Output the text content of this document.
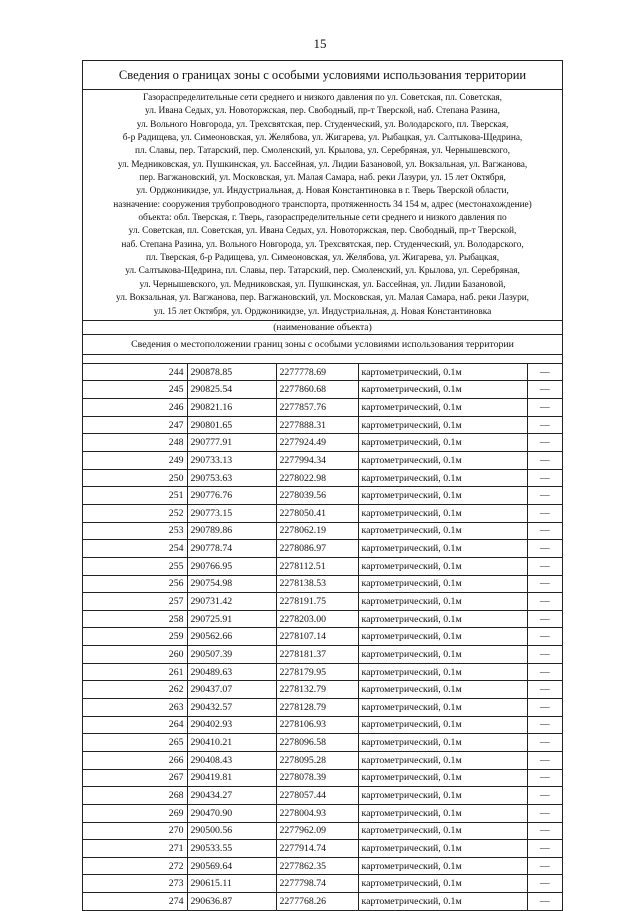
15
Сведения о границах зоны с особыми условиями использования территории
Газораспределительные сети среднего и низкого давления по ул. Советская, пл. Советская,
ул. Ивана Седых, ул. Новоторжская, пер. Свободный, пр-т Тверской, наб. Степана Разина,
ул. Вольного Новгорода, ул. Трехсвятская, пер. Студенческий, ул. Володарского, пл. Тверская,
б-р Радищева, ул. Симеоновская, ул. Желябова, ул. Жигарева, ул. Рыбацкая, ул. Салтыкова-Щедрина,
пл. Славы, пер. Татарский, пер. Смоленский, ул. Крылова, ул. Серебряная, ул. Чернышевского,
ул. Медниковская, ул. Пушкинская, ул. Бассейная, ул. Лидии Базановой, ул. Вокзальная, ул. Вагжанова,
пер. Вагжановский, ул. Московская, ул. Малая Самара, наб. реки Лазури, ул. 15 лет Октября,
ул. Орджоникидзе, ул. Индустриальная, д. Новая Константиновка в г. Тверь Тверской области,
назначение: сооружения трубопроводного транспорта, протяженность 34 154 м, адрес (местонахождение)
объекта: обл. Тверская, г. Тверь, газораспределительные сети среднего и низкого давления по
ул. Советская, пл. Советская, ул. Ивана Седых, ул. Новоторжская, пер. Свободный, пр-т Тверской,
наб. Степана Разина, ул. Вольного Новгорода, ул. Трехсвятская, пер. Студенческий, ул. Володарского,
пл. Тверская, б-р Радищева, ул. Симеоновская, ул. Желябова, ул. Жигарева, ул. Рыбацкая,
ул. Салтыкова-Щедрина, пл. Славы, пер. Татарский, пер. Смоленский, ул. Крылова, ул. Серебряная,
ул. Чернышевского, ул. Медниковская, ул. Пушкинская, ул. Бассейная, ул. Лидии Базановой,
ул. Вокзальная, ул. Вагжанова, пер. Вагжановский, ул. Московская, ул. Малая Самара, наб. реки Лазури,
ул. 15 лет Октября, ул. Орджоникидзе, ул. Индустриальная, д. Новая Константиновка
(наименование объекта)
Сведения о местоположении границ зоны с особыми условиями использования территории
244	290878.85	2277778.69	картометрический, 0.1м	—
245	290825.54	2277860.68	картометрический, 0.1м	—
246	290821.16	2277857.76	картометрический, 0.1м	—
247	290801.65	2277888.31	картометрический, 0.1м	—
248	290777.91	2277924.49	картометрический, 0.1м	—
249	290733.13	2277994.34	картометрический, 0.1м	—
250	290753.63	2278022.98	картометрический, 0.1м	—
251	290776.76	2278039.56	картометрический, 0.1м	—
252	290773.15	2278050.41	картометрический, 0.1м	—
253	290789.86	2278062.19	картометрический, 0.1м	—
254	290778.74	2278086.97	картометрический, 0.1м	—
255	290766.95	2278112.51	картометрический, 0.1м	—
256	290754.98	2278138.53	картометрический, 0.1м	—
257	290731.42	2278191.75	картометрический, 0.1м	—
258	290725.91	2278203.00	картометрический, 0.1м	—
259	290562.66	2278107.14	картометрический, 0.1м	—
260	290507.39	2278181.37	картометрический, 0.1м	—
261	290489.63	2278179.95	картометрический, 0.1м	—
262	290437.07	2278132.79	картометрический, 0.1м	—
263	290432.57	2278128.79	картометрический, 0.1м	—
264	290402.93	2278106.93	картометрический, 0.1м	—
265	290410.21	2278096.58	картометрический, 0.1м	—
266	290408.43	2278095.28	картометрический, 0.1м	—
267	290419.81	2278078.39	картометрический, 0.1м	—
268	290434.27	2278057.44	картометрический, 0.1м	—
269	290470.90	2278004.93	картометрический, 0.1м	—
270	290500.56	2277962.09	картометрический, 0.1м	—
271	290533.55	2277914.74	картометрический, 0.1м	—
272	290569.64	2277862.35	картометрический, 0.1м	—
273	290615.11	2277798.74	картометрический, 0.1м	—
274	290636.87	2277768.26	картометрический, 0.1м	—
